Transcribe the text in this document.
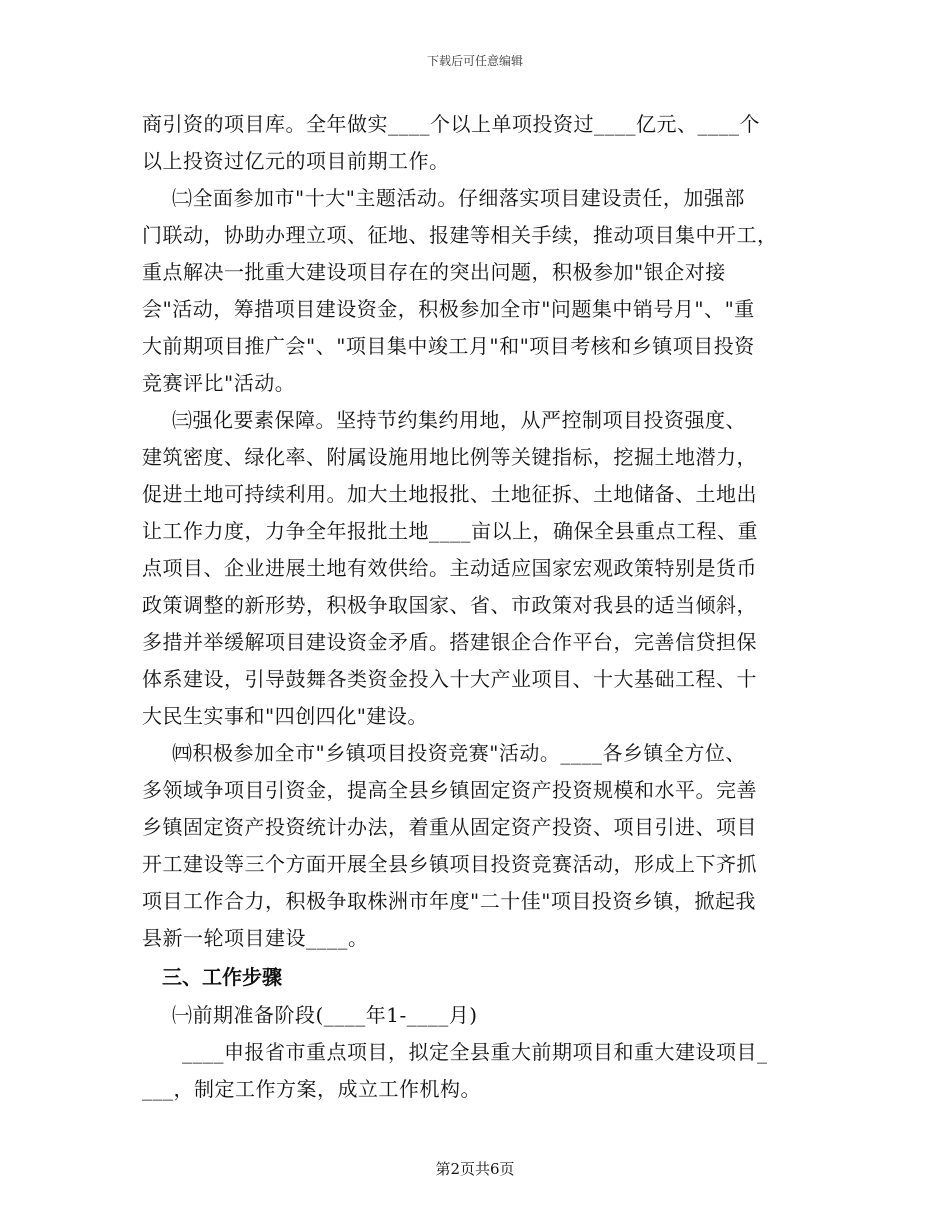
下载后可任意编辑
商引资的项目库。全年做实____个以上单项投资过____亿元、____个
以上投资过亿元的项目前期工作。
㈡全面参加市"十大"主题活动。仔细落实项目建设责任，加强部
门联动，协助办理立项、征地、报建等相关手续，推动项目集中开工，
重点解决一批重大建设项目存在的突出问题，积极参加"银企对接
会"活动，筹措项目建设资金，积极参加全市"问题集中销号月"、"重
大前期项目推广会"、"项目集中竣工月"和"项目考核和乡镇项目投资
竞赛评比"活动。
㈢强化要素保障。坚持节约集约用地，从严控制项目投资强度、
建筑密度、绿化率、附属设施用地比例等关键指标，挖掘土地潜力，
促进土地可持续利用。加大土地报批、土地征拆、土地储备、土地出
让工作力度，力争全年报批土地____亩以上，确保全县重点工程、重
点项目、企业进展土地有效供给。主动适应国家宏观政策特别是货币
政策调整的新形势，积极争取国家、省、市政策对我县的适当倾斜，
多措并举缓解项目建设资金矛盾。搭建银企合作平台，完善信贷担保
体系建设，引导鼓舞各类资金投入十大产业项目、十大基础工程、十
大民生实事和"四创四化"建设。
㈣积极参加全市"乡镇项目投资竞赛"活动。____各乡镇全方位、
多领域争项目引资金，提高全县乡镇固定资产投资规模和水平。完善
乡镇固定资产投资统计办法，着重从固定资产投资、项目引进、项目
开工建设等三个方面开展全县乡镇项目投资竞赛活动，形成上下齐抓
项目工作合力，积极争取株洲市年度"二十佳"项目投资乡镇，掀起我
县新一轮项目建设____。
三、工作步骤
㈠前期准备阶段(____年1-____月)
____申报省市重点项目，拟定全县重大前期项目和重大建设项目_
___，制定工作方案，成立工作机构。
第2页共6页
